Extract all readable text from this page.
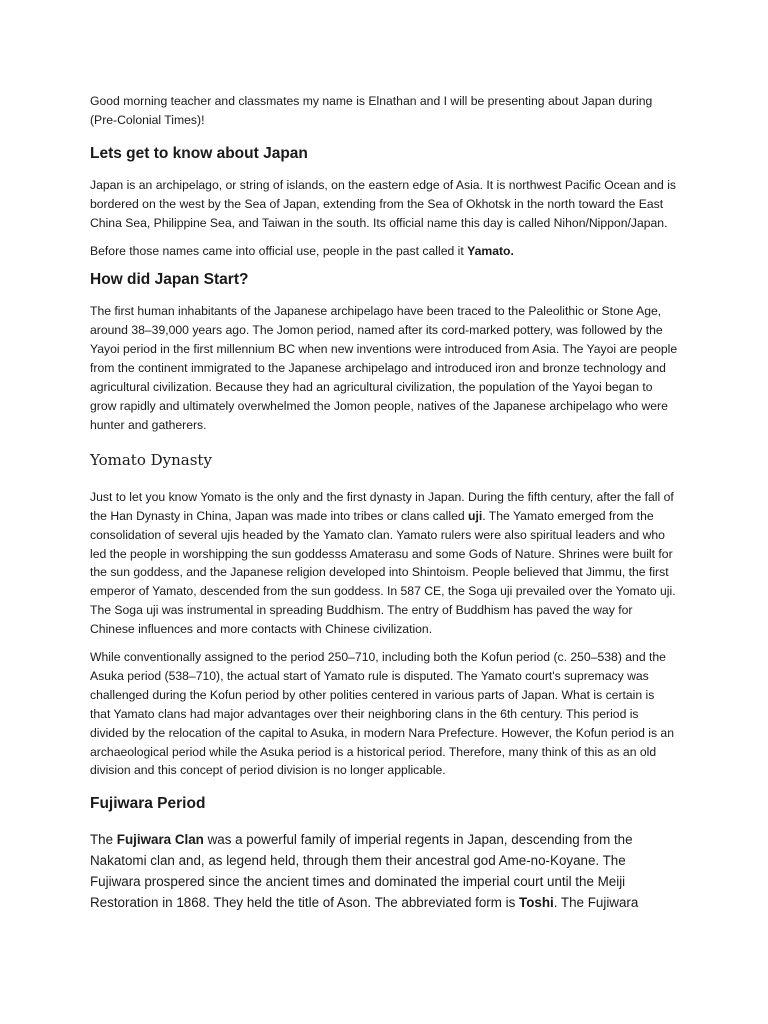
Good morning teacher and classmates my name is Elnathan and I will be presenting about Japan during (Pre-Colonial Times)!

Lets get to know about Japan

Japan is an archipelago, or string of islands, on the eastern edge of Asia. It is northwest Pacific Ocean and is bordered on the west by the Sea of Japan, extending from the Sea of Okhotsk in the north toward the East China Sea, Philippine Sea, and Taiwan in the south. Its official name this day is called Nihon/Nippon/Japan.

Before those names came into official use, people in the past called it Yamato.

How did Japan Start?

The first human inhabitants of the Japanese archipelago have been traced to the Paleolithic or Stone Age, around 38–39,000 years ago. The Jomon period, named after its cord-marked pottery, was followed by the Yayoi period in the first millennium BC when new inventions were introduced from Asia. The Yayoi are people from the continent immigrated to the Japanese archipelago and introduced iron and bronze technology and agricultural civilization. Because they had an agricultural civilization, the population of the Yayoi began to grow rapidly and ultimately overwhelmed the Jomon people, natives of the Japanese archipelago who were hunter and gatherers.

Yomato Dynasty

Just to let you know Yomato is the only and the first dynasty in Japan. During the fifth century, after the fall of the Han Dynasty in China, Japan was made into tribes or clans called uji. The Yamato emerged from the consolidation of several ujis headed by the Yamato clan. Yamato rulers were also spiritual leaders and who led the people in worshipping the sun goddesss Amaterasu and some Gods of Nature. Shrines were built for the sun goddess, and the Japanese religion developed into Shintoism. People believed that Jimmu, the first emperor of Yamato, descended from the sun goddess. In 587 CE, the Soga uji prevailed over the Yomato uji. The Soga uji was instrumental in spreading Buddhism. The entry of Buddhism has paved the way for Chinese influences and more contacts with Chinese civilization.

While conventionally assigned to the period 250–710, including both the Kofun period (c. 250–538) and the Asuka period (538–710), the actual start of Yamato rule is disputed. The Yamato court's supremacy was challenged during the Kofun period by other polities centered in various parts of Japan. What is certain is that Yamato clans had major advantages over their neighboring clans in the 6th century. This period is divided by the relocation of the capital to Asuka, in modern Nara Prefecture. However, the Kofun period is an archaeological period while the Asuka period is a historical period. Therefore, many think of this as an old division and this concept of period division is no longer applicable.

Fujiwara Period

The Fujiwara Clan was a powerful family of imperial regents in Japan, descending from the Nakatomi clan and, as legend held, through them their ancestral god Ame-no-Koyane. The Fujiwara prospered since the ancient times and dominated the imperial court until the Meiji Restoration in 1868. They held the title of Ason. The abbreviated form is Toshi. The Fujiwara
